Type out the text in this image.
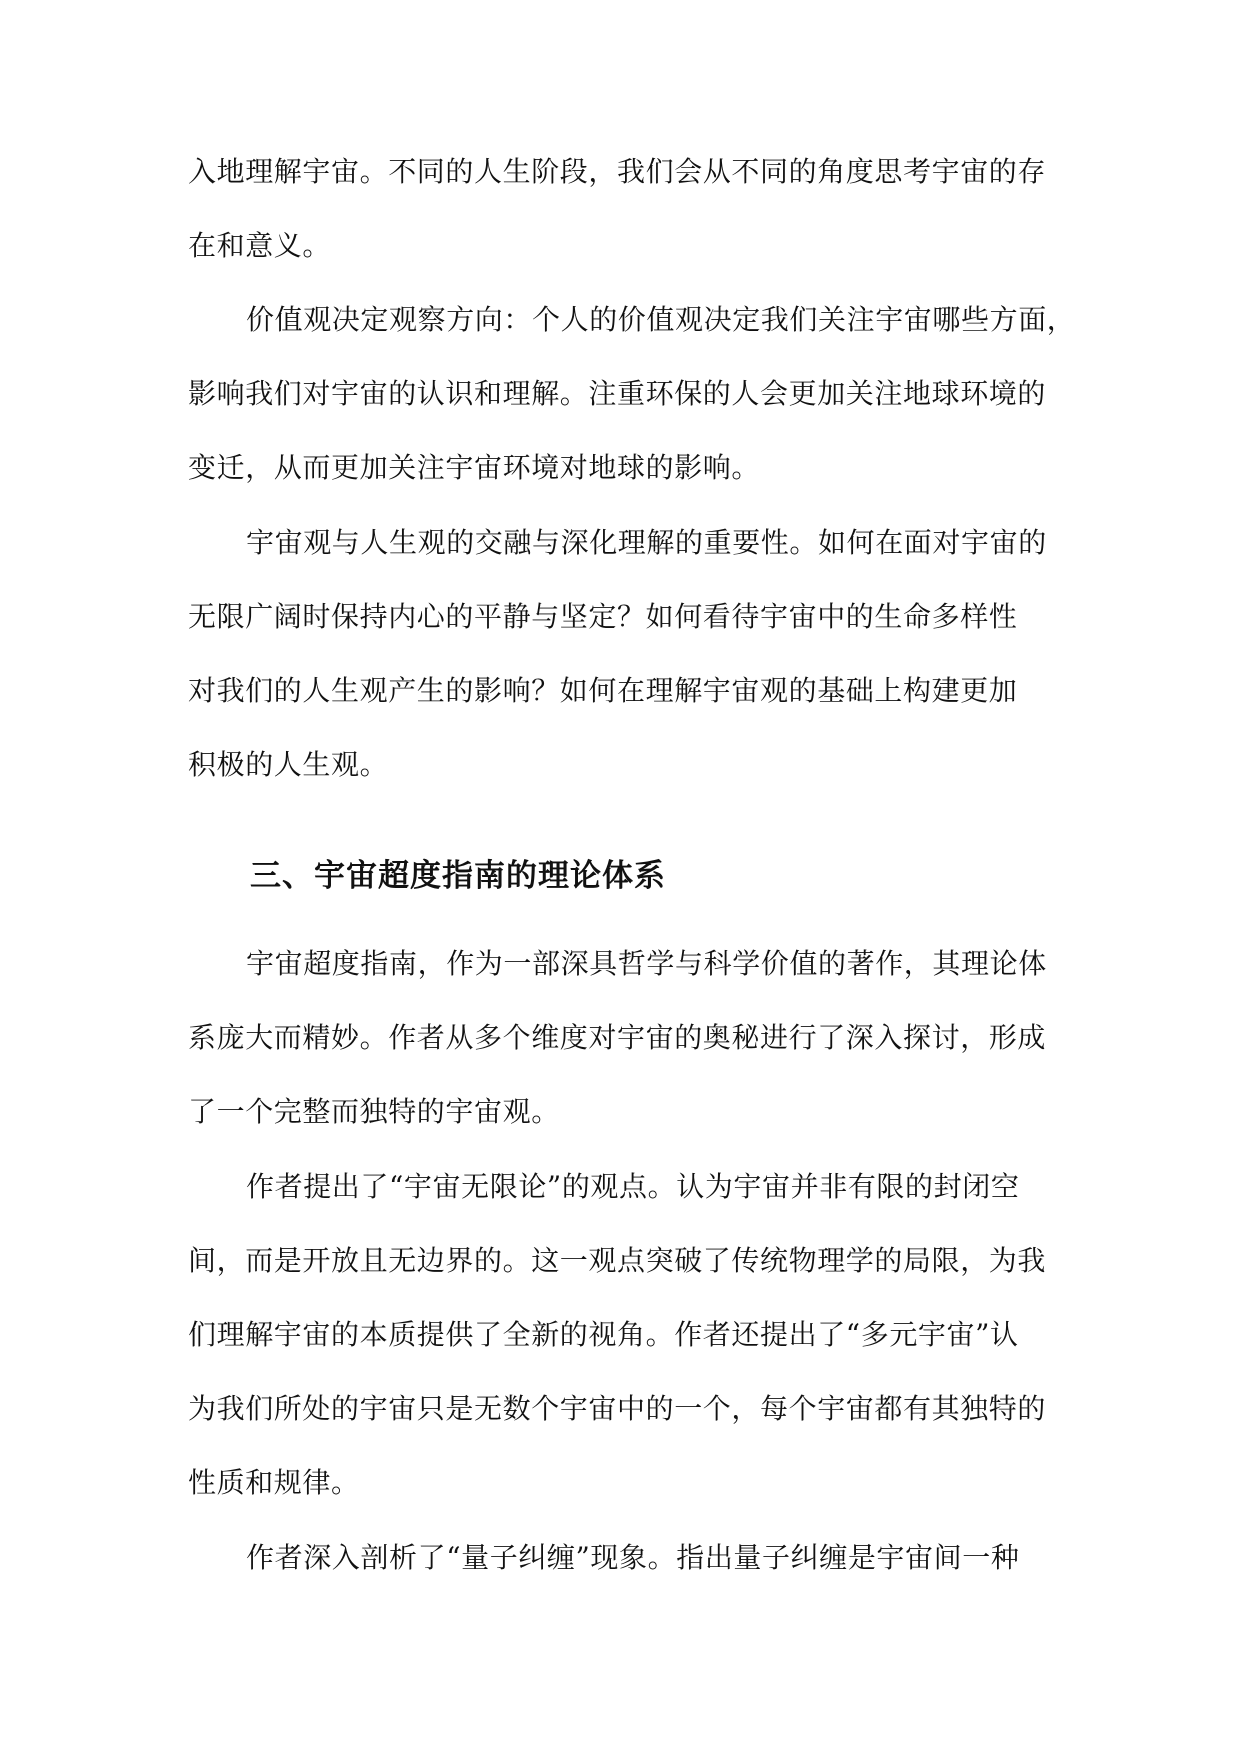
入地理解宇宙。不同的人生阶段，我们会从不同的角度思考宇宙的存
在和意义。
价值观决定观察方向：个人的价值观决定我们关注宇宙哪些方面，
影响我们对宇宙的认识和理解。注重环保的人会更加关注地球环境的
变迁，从而更加关注宇宙环境对地球的影响。
宇宙观与人生观的交融与深化理解的重要性。如何在面对宇宙的
无限广阔时保持内心的平静与坚定？如何看待宇宙中的生命多样性
对我们的人生观产生的影响？如何在理解宇宙观的基础上构建更加
积极的人生观。
三、宇宙超度指南的理论体系
宇宙超度指南，作为一部深具哲学与科学价值的著作，其理论体
系庞大而精妙。作者从多个维度对宇宙的奥秘进行了深入探讨，形成
了一个完整而独特的宇宙观。
作者提出了“宇宙无限论”的观点。认为宇宙并非有限的封闭空
间，而是开放且无边界的。这一观点突破了传统物理学的局限，为我
们理解宇宙的本质提供了全新的视角。作者还提出了“多元宇宙”认
为我们所处的宇宙只是无数个宇宙中的一个，每个宇宙都有其独特的
性质和规律。
作者深入剖析了“量子纠缠”现象。指出量子纠缠是宇宙间一种
